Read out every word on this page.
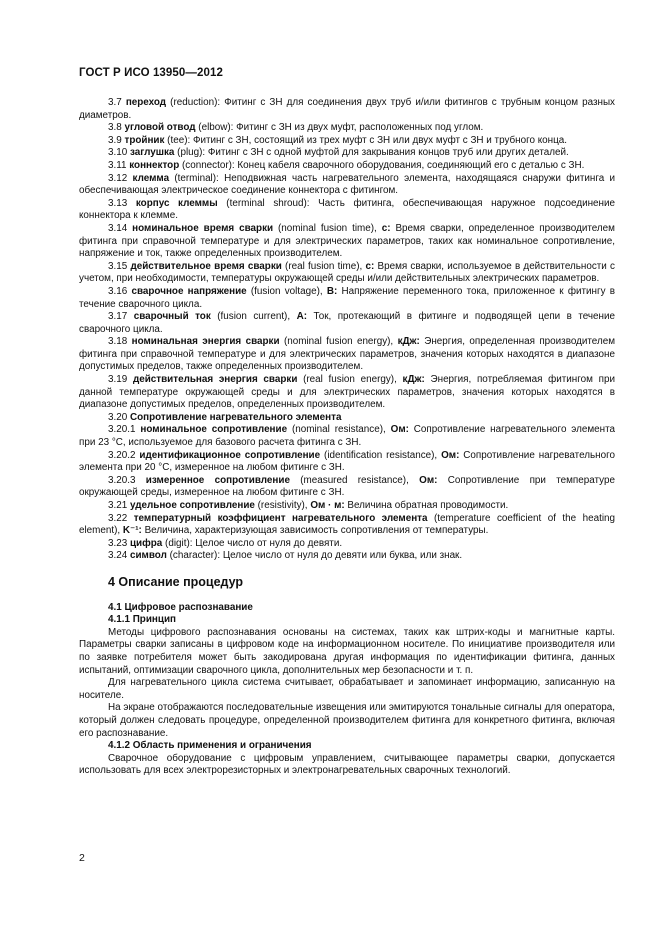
ГОСТ Р ИСО 13950—2012

3.7 переход (reduction): Фитинг с ЗН для соединения двух труб и/или фитингов с трубным концом разных диаметров.

3.8 угловой отвод (elbow): Фитинг с ЗН из двух муфт, расположенных под углом.

3.9 тройник (tee): Фитинг с ЗН, состоящий из трех муфт с ЗН или двух муфт с ЗН и трубного конца.

3.10 заглушка (plug): Фитинг с ЗН с одной муфтой для закрывания концов труб или других деталей.

3.11 коннектор (connector): Конец кабеля сварочного оборудования, соединяющий его с деталью с ЗН.

3.12 клемма (terminal): Неподвижная часть нагревательного элемента, находящаяся снаружи фитинга и обеспечивающая электрическое соединение коннектора с фитингом.

3.13 корпус клеммы (terminal shroud): Часть фитинга, обеспечивающая наружное подсоединение коннектора к клемме.

3.14 номинальное время сварки (nominal fusion time), c: Время сварки, определенное производителем фитинга при справочной температуре и для электрических параметров, таких как номинальное сопротивление, напряжение и ток, также определенных производителем.

3.15 действительное время сварки (real fusion time), c: Время сварки, используемое в действительности с учетом, при необходимости, температуры окружающей среды и/или действительных электрических параметров.

3.16 сварочное напряжение (fusion voltage), B: Напряжение переменного тока, приложенное к фитингу в течение сварочного цикла.

3.17 сварочный ток (fusion current), A: Ток, протекающий в фитинге и подводящей цепи в течение сварочного цикла.

3.18 номинальная энергия сварки (nominal fusion energy), кДж: Энергия, определенная производителем фитинга при справочной температуре и для электрических параметров, значения которых находятся в диапазоне допустимых пределов, также определенных производителем.

3.19 действительная энергия сварки (real fusion energy), кДж: Энергия, потребляемая фитингом при данной температуре окружающей среды и для электрических параметров, значения которых находятся в диапазоне допустимых пределов, определенных производителем.

3.20 Сопротивление нагревательного элемента

3.20.1 номинальное сопротивление (nominal resistance), Ом: Сопротивление нагревательного элемента при 23 °C, используемое для базового расчета фитинга с ЗН.

3.20.2 идентификационное сопротивление (identification resistance), Ом: Сопротивление нагревательного элемента при 20 °C, измеренное на любом фитинге с ЗН.

3.20.3 измеренное сопротивление (measured resistance), Ом: Сопротивление при температуре окружающей среды, измеренное на любом фитинге с ЗН.

3.21 удельное сопротивление (resistivity), Ом · м: Величина обратная проводимости.

3.22 температурный коэффициент нагревательного элемента (temperature coefficient of the heating element), K⁻¹: Величина, характеризующая зависимость сопротивления от температуры.

3.23 цифра (digit): Целое число от нуля до девяти.

3.24 символ (character): Целое число от нуля до девяти или буква, или знак.

4 Описание процедур
4.1 Цифровое распознавание
4.1.1 Принцип

Методы цифрового распознавания основаны на системах, таких как штрих-коды и магнитные карты. Параметры сварки записаны в цифровом коде на информационном носителе. По инициативе производителя или по заявке потребителя может быть закодирована другая информация по идентификации фитинга, данных испытаний, оптимизации сварочного цикла, дополнительных мер безопасности и т. п.

Для нагревательного цикла система считывает, обрабатывает и запоминает информацию, записанную на носителе.

На экране отображаются последовательные извещения или эмитируются тональные сигналы для оператора, который должен следовать процедуре, определенной производителем фитинга для конкретного фитинга, включая его распознавание.

4.1.2 Область применения и ограничения

Сварочное оборудование с цифровым управлением, считывающее параметры сварки, допускается использовать для всех электрорезисторных и электронагревательных сварочных технологий.

2
